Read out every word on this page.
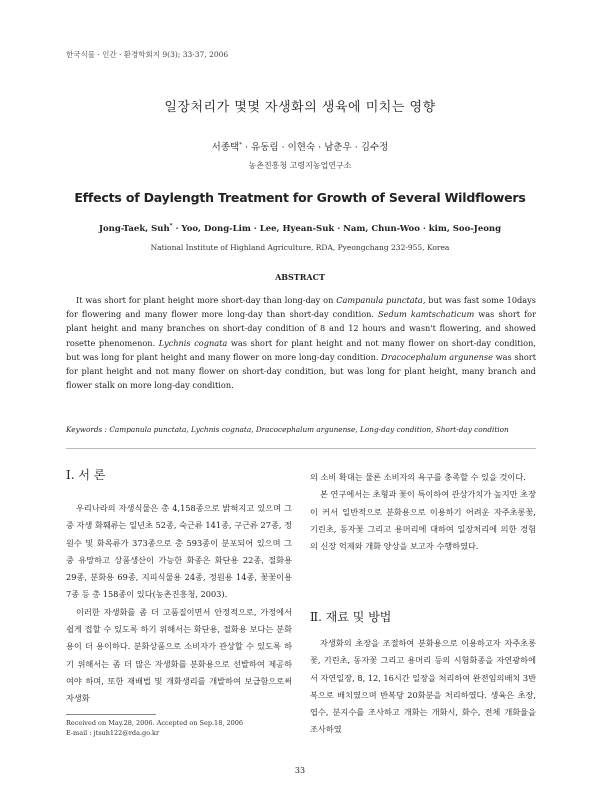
한국식물 · 인간 · 환경학회지 9(3); 33-37, 2006
일장처리가 몇몇 자생화의 생육에 미치는 영향
서종택* · 유동림 · 이현숙 · 남춘우 · 김수정
농촌진흥청 고령지농업연구소
Effects of Daylength Treatment for Growth of Several Wildflowers
Jong-Taek, Suh* · Yoo, Dong-Lim · Lee, Hyean-Suk · Nam, Chun-Woo · kim, Soo-Jeong
National Institute of Highland Agriculture, RDA, Pyeongchang 232-955, Korea
ABSTRACT

It was short for plant height more short-day than long-day on Campanula punctata, but was fast some 10days for flowering and many flower more long-day than short-day condition. Sedum kamtschaticum was short for plant height and many branches on short-day condition of 8 and 12 hours and wasn't flowering, and showed rosette phenomenon. Lychnis cognata was short for plant height and not many flower on short-day condition, but was long for plant height and many flower on more long-day condition. Dracocephalum argunense was short for plant height and not many flower on short-day condition, but was long for plant height, many branch and flower stalk on more long-day condition.

Keywords : Campanula punctata, Lychnis cognata, Dracocephalum argunense, Long-day condition, Short-day condition
Ⅰ. 서 론

우리나라의 자생식물은 총 4,158종으로 밝혀지고 있으며 그중 자생 화훼류는 일년초 52종, 숙근류 141종, 구근류 27종, 정원수 및 화목류가 373종으로 총 593종이 분포되어 있으며 그중 유망하고 상품생산이 가능한 화종은 화단용 22종, 절화용 29종, 분화용 69종, 지피식물용 24종, 정원용 14종, 꽃꽃이용 7종 등 총 158종이 있다(농촌진흥청, 2003).

이러한 자생화를 좀 더 고품질이면서 안정적으로, 가정에서 쉽게 접할 수 있도록 하기 위해서는 화단용, 절화용 보다는 분화용이 더 용이하다. 분화상품으로 소비자가 관상할 수 있도록 하기 위해서는 좀 더 많은 자생화를 분화용으로 선발하여 제공하여야 하며, 또한 재배법 및 개화생리를 개발하여 보급함으로써 자생화

의 소비 확대는 물론 소비자의 욕구를 충족할 수 있을 것이다.

본 연구에서는 초형과 꽃이 특이하여 관상가치가 높지만 초장이 커서 일반적으로 분화용으로 이용하기 어려운 자주초롱꽃, 기린초, 동자꽃 그리고 용머리에 대하여 일장처리에 의한 경험의 신장 억제와 개화 양상을 보고자 수행하였다.

Ⅱ. 재료 및 방법

자생화의 초장을 조절하여 분화용으로 이용하고자 자주초롱꽃, 기린초, 동자꽃 그리고 용머리 등의 시험화종을 자연광하에서 자연일장, 8, 12, 16시간 일장을 처리하여 완전임의배치 3반복으로 배치였으며 반복당 20화분을 처리하였다. 생육은 초장, 엽수, 분지수를 조사하고 개화는 개화시, 화수, 전체 개화율을 조사하였

Received on May.28, 2006. Accepted on Sep.18, 2006
E-mail : jtsuh122@rda.go.kr
33
